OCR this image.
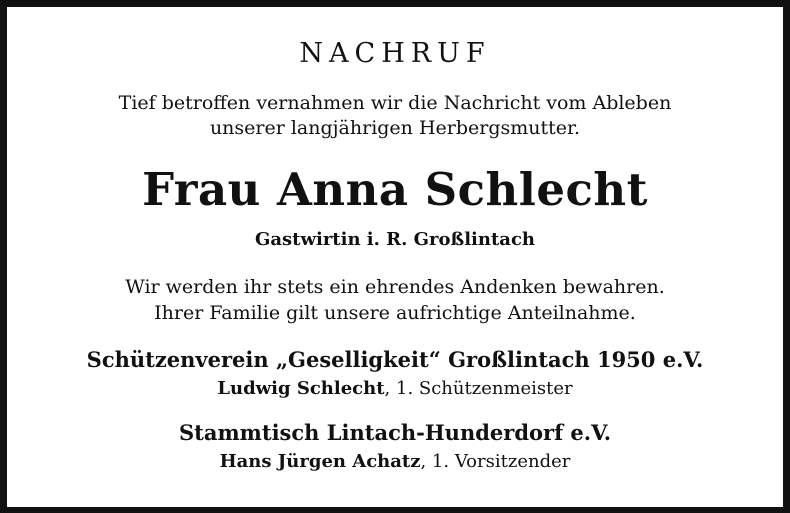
NACHRUF
Tief betroffen vernahmen wir die Nachricht vom Ableben
unserer langjährigen Herbergsmutter.
Frau Anna Schlecht
Gastwirtin i. R. Großlintach
Wir werden ihr stets ein ehrendes Andenken bewahren.
Ihrer Familie gilt unsere aufrichtige Anteilnahme.
Schützenverein „Geselligkeit“ Großlintach 1950 e.V.
Ludwig Schlecht, 1. Schützenmeister
Stammtisch Lintach-Hunderdorf e.V.
Hans Jürgen Achatz, 1. Vorsitzender
